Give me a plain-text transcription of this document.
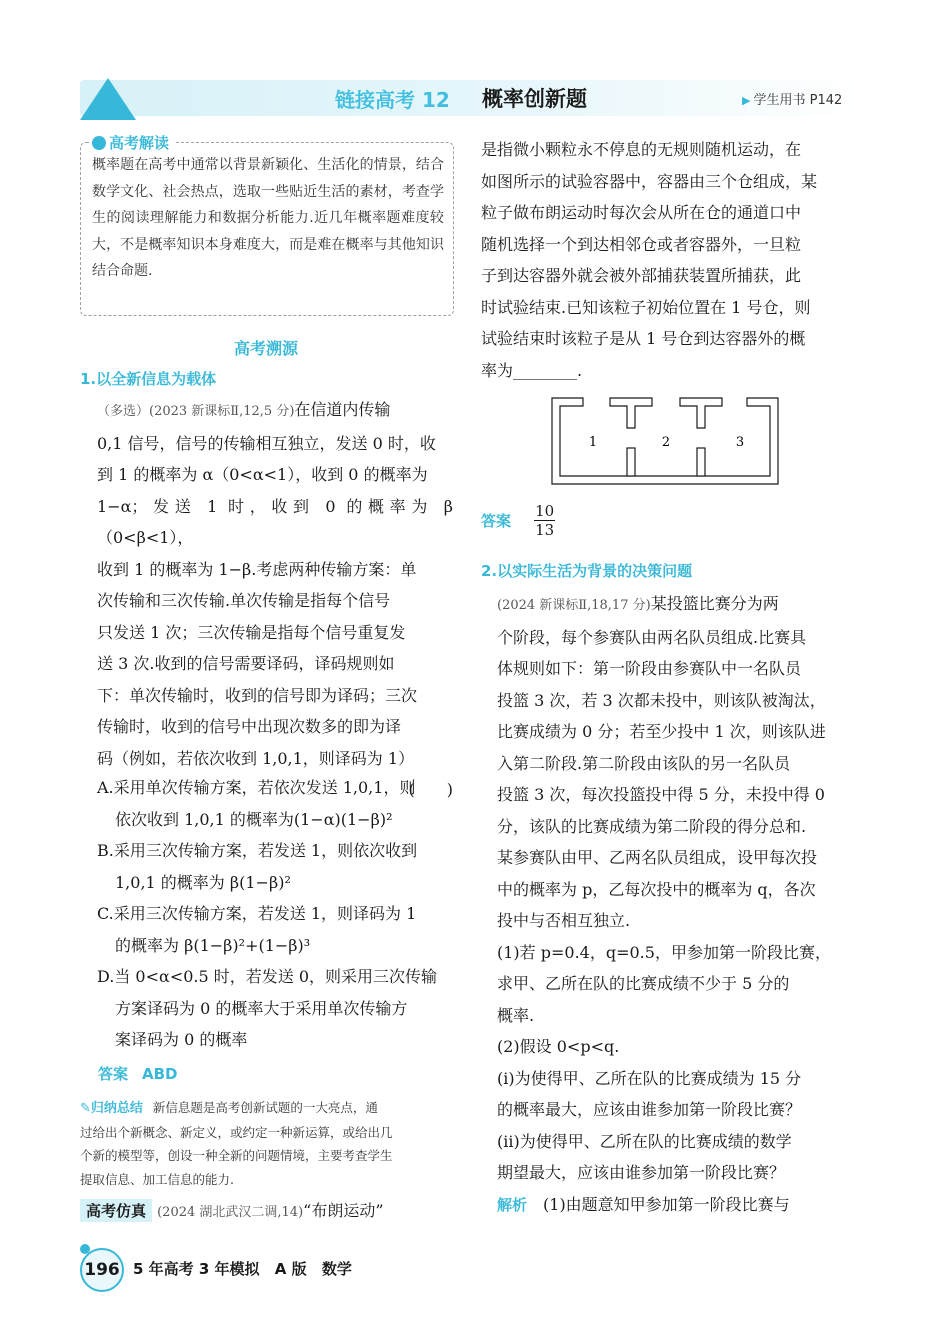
链接高考 12 概率创新题	▶ 学生用书 P142
高考解读
概率题在高考中通常以背景新颖化、生活化的情景，结合数学文化、社会热点，选取一些贴近生活的素材，考查学生的阅读理解能力和数据分析能力.近几年概率题难度较大，不是概率知识本身难度大，而是难在概率与其他知识结合命题.
高考溯源
1.以全新信息为载体
（多选）(2023 新课标Ⅱ,12,5 分)在信道内传输
0,1 信号，信号的传输相互独立，发送 0 时，收
到 1 的概率为 α（0<α<1），收到 0 的概率为
1−α；发送 1 时，收到 0 的概率为 β（0<β<1），
收到 1 的概率为 1−β.考虑两种传输方案：单
次传输和三次传输.单次传输是指每个信号
只发送 1 次；三次传输是指每个信号重复发
送 3 次.收到的信号需要译码，译码规则如
下：单次传输时，收到的信号即为译码；三次
传输时，收到的信号中出现次数多的即为译
码（例如，若依次收到 1,0,1，则译码为 1）
(　　)
A.采用单次传输方案，若依次发送 1,0,1，则
依次收到 1,0,1 的概率为(1−α)(1−β)²
B.采用三次传输方案，若发送 1，则依次收到
1,0,1 的概率为 β(1−β)²
C.采用三次传输方案，若发送 1，则译码为 1
的概率为 β(1−β)²+(1−β)³
D.当 0<α<0.5 时，若发送 0，则采用三次传输
方案译码为 0 的概率大于采用单次传输方
案译码为 0 的概率
答案 ABD
✎归纳总结 新信息题是高考创新试题的一大亮点，通
过给出个新概念、新定义，或约定一种新运算，或给出几
个新的模型等，创设一种全新的问题情境，主要考查学生
提取信息、加工信息的能力.
高考仿真 (2024 湖北武汉二调,14)“布朗运动”
是指微小颗粒永不停息的无规则随机运动，在
如图所示的试验容器中，容器由三个仓组成，某
粒子做布朗运动时每次会从所在仓的通道口中
随机选择一个到达相邻仓或者容器外，一旦粒
子到达容器外就会被外部捕获装置所捕获，此
时试验结束.已知该粒子初始位置在 1 号仓，则
试验结束时该粒子是从 1 号仓到达容器外的概
率为________.
1	2	3
答案 $\frac{10}{13}$
2.以实际生活为背景的决策问题
(2024 新课标Ⅱ,18,17 分)某投篮比赛分为两
个阶段，每个参赛队由两名队员组成.比赛具
体规则如下：第一阶段由参赛队中一名队员
投篮 3 次，若 3 次都未投中，则该队被淘汰，
比赛成绩为 0 分；若至少投中 1 次，则该队进
入第二阶段.第二阶段由该队的另一名队员
投篮 3 次，每次投篮投中得 5 分，未投中得 0
分，该队的比赛成绩为第二阶段的得分总和.
某参赛队由甲、乙两名队员组成，设甲每次投
中的概率为 p，乙每次投中的概率为 q，各次
投中与否相互独立.
(1)若 p=0.4，q=0.5，甲参加第一阶段比赛，
求甲、乙所在队的比赛成绩不少于 5 分的
概率.
(2)假设 0<p<q.
(i)为使得甲、乙所在队的比赛成绩为 15 分
的概率最大，应该由谁参加第一阶段比赛？
(ii)为使得甲、乙所在队的比赛成绩的数学
期望最大，应该由谁参加第一阶段比赛？
解析 (1)由题意知甲参加第一阶段比赛与
196 5 年高考 3 年模拟 A 版 数学
